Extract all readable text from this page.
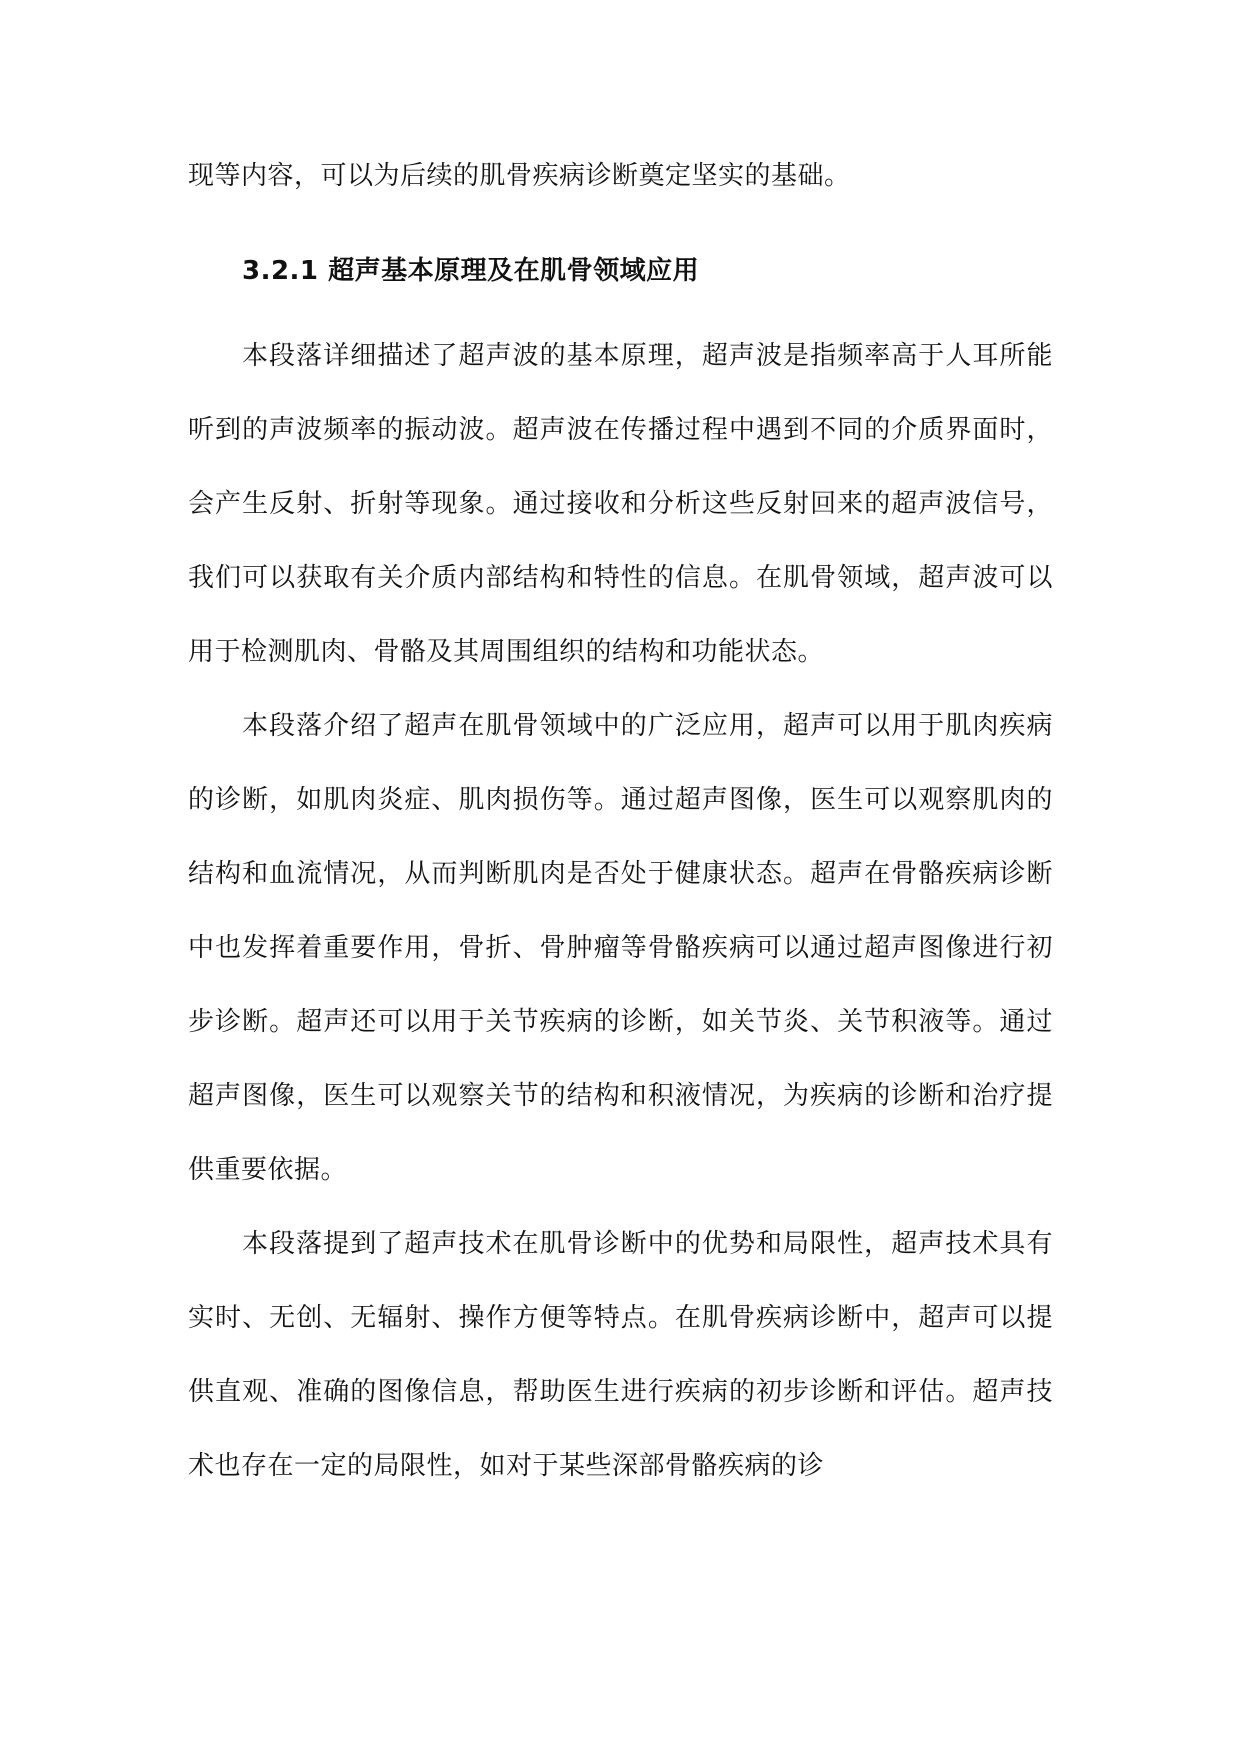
现等内容，可以为后续的肌骨疾病诊断奠定坚实的基础。

3.2.1 超声基本原理及在肌骨领域应用

本段落详细描述了超声波的基本原理，超声波是指频率高于人耳所能听到的声波频率的振动波。超声波在传播过程中遇到不同的介质界面时，会产生反射、折射等现象。通过接收和分析这些反射回来的超声波信号，我们可以获取有关介质内部结构和特性的信息。在肌骨领域，超声波可以用于检测肌肉、骨骼及其周围组织的结构和功能状态。

本段落介绍了超声在肌骨领域中的广泛应用，超声可以用于肌肉疾病的诊断，如肌肉炎症、肌肉损伤等。通过超声图像，医生可以观察肌肉的结构和血流情况，从而判断肌肉是否处于健康状态。超声在骨骼疾病诊断中也发挥着重要作用，骨折、骨肿瘤等骨骼疾病可以通过超声图像进行初步诊断。超声还可以用于关节疾病的诊断，如关节炎、关节积液等。通过超声图像，医生可以观察关节的结构和积液情况，为疾病的诊断和治疗提供重要依据。

本段落提到了超声技术在肌骨诊断中的优势和局限性，超声技术具有实时、无创、无辐射、操作方便等特点。在肌骨疾病诊断中，超声可以提供直观、准确的图像信息，帮助医生进行疾病的初步诊断和评估。超声技术也存在一定的局限性，如对于某些深部骨骼疾病的诊
